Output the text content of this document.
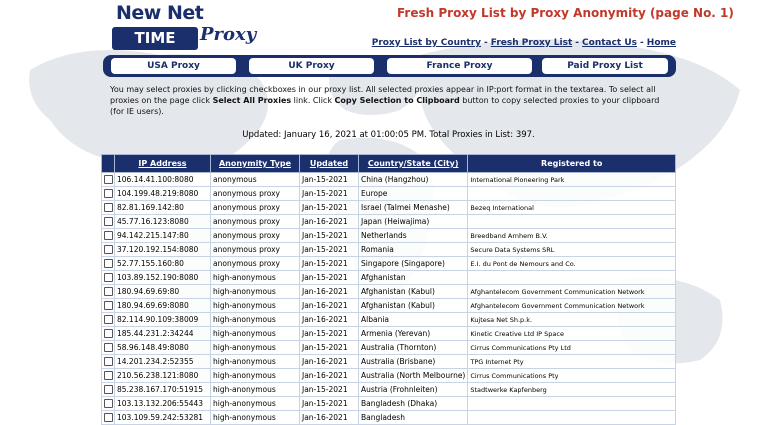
New Net
TIME	Proxy
Fresh Proxy List by Proxy Anonymity (page No. 1)
Proxy List by Country - Fresh Proxy List - Contact Us - Home
USA Proxy	UK Proxy	France Proxy	Paid Proxy List
You may select proxies by clicking checkboxes in our proxy list. All selected proxies appear in IP:port format in the textarea. To select all proxies on the page click Select All Proxies link. Click Copy Selection to Clipboard button to copy selected proxies to your clipboard (for IE users).
Updated: January 16, 2021 at 01:00:05 PM. Total Proxies in List: 397.
	IP Address	Anonymity Type	Updated	Country/State (City)	Registered to
	106.14.41.100:8080	anonymous	Jan-15-2021	China (Hangzhou)	International Pioneering Park
	104.199.48.219:8080	anonymous proxy	Jan-15-2021	Europe	
	82.81.169.142:80	anonymous proxy	Jan-15-2021	Israel (Talmei Menashe)	Bezeq International
	45.77.16.123:8080	anonymous proxy	Jan-16-2021	Japan (Heiwajima)	
	94.142.215.147:80	anonymous proxy	Jan-15-2021	Netherlands	Breedband Arnhem B.V.
	37.120.192.154:8080	anonymous proxy	Jan-15-2021	Romania	Secure Data Systems SRL
	52.77.155.160:80	anonymous proxy	Jan-15-2021	Singapore (Singapore)	E.I. du Pont de Nemours and Co.
	103.89.152.190:8080	high-anonymous	Jan-15-2021	Afghanistan	
	180.94.69.69:80	high-anonymous	Jan-16-2021	Afghanistan (Kabul)	Afghantelecom Government Communication Network
	180.94.69.69:8080	high-anonymous	Jan-16-2021	Afghanistan (Kabul)	Afghantelecom Government Communication Network
	82.114.90.109:38009	high-anonymous	Jan-16-2021	Albania	Kujtesa Net Sh.p.k.
	185.44.231.2:34244	high-anonymous	Jan-15-2021	Armenia (Yerevan)	Kinetic Creative Ltd IP Space
	58.96.148.49:8080	high-anonymous	Jan-15-2021	Australia (Thornton)	Cirrus Communications Pty Ltd
	14.201.234.2:52355	high-anonymous	Jan-16-2021	Australia (Brisbane)	TPG Internet Pty
	210.56.238.121:8080	high-anonymous	Jan-16-2021	Australia (North Melbourne)	Cirrus Communications Pty
	85.238.167.170:51915	high-anonymous	Jan-15-2021	Austria (Frohnleiten)	Stadtwerke Kapfenberg
	103.13.132.206:55443	high-anonymous	Jan-15-2021	Bangladesh (Dhaka)	
	103.109.59.242:53281	high-anonymous	Jan-16-2021	Bangladesh	
